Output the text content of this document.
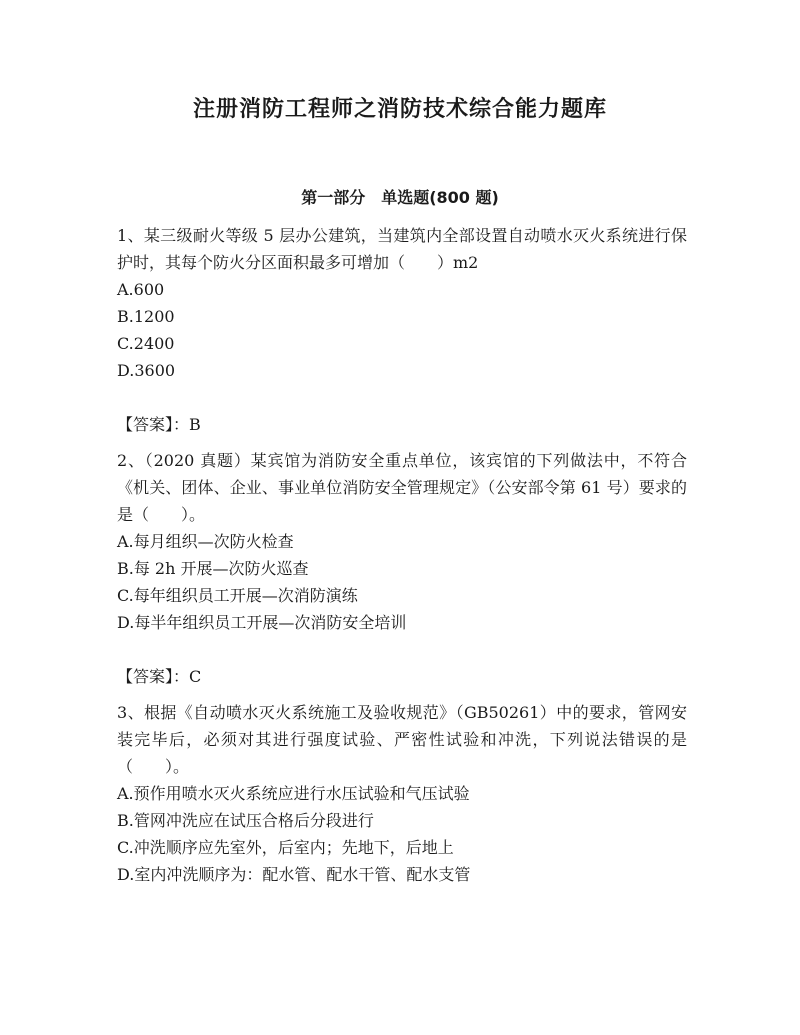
注册消防工程师之消防技术综合能力题库
第一部分　单选题(800 题)

1、某三级耐火等级 5 层办公建筑，当建筑内全部设置自动喷水灭火系统进行保护时，其每个防火分区面积最多可增加（　　）m2

A.600
B.1200
C.2400
D.3600

【答案】：B

2、（2020 真题）某宾馆为消防安全重点单位，该宾馆的下列做法中，不符合《机关、团体、企业、事业单位消防安全管理规定》（公安部令第 61 号）要求的是（　　）。

A.每月组织—次防火检查
B.每 2h 开展—次防火巡查
C.每年组织员工开展—次消防演练
D.每半年组织员工开展—次消防安全培训

【答案】：C

3、根据《自动喷水灭火系统施工及验收规范》（GB50261）中的要求，管网安装完毕后，必须对其进行强度试验、严密性试验和冲洗，下列说法错误的是（　　）。

A.预作用喷水灭火系统应进行水压试验和气压试验
B.管网冲洗应在试压合格后分段进行
C.冲洗顺序应先室外，后室内；先地下，后地上
D.室内冲洗顺序为：配水管、配水干管、配水支管
